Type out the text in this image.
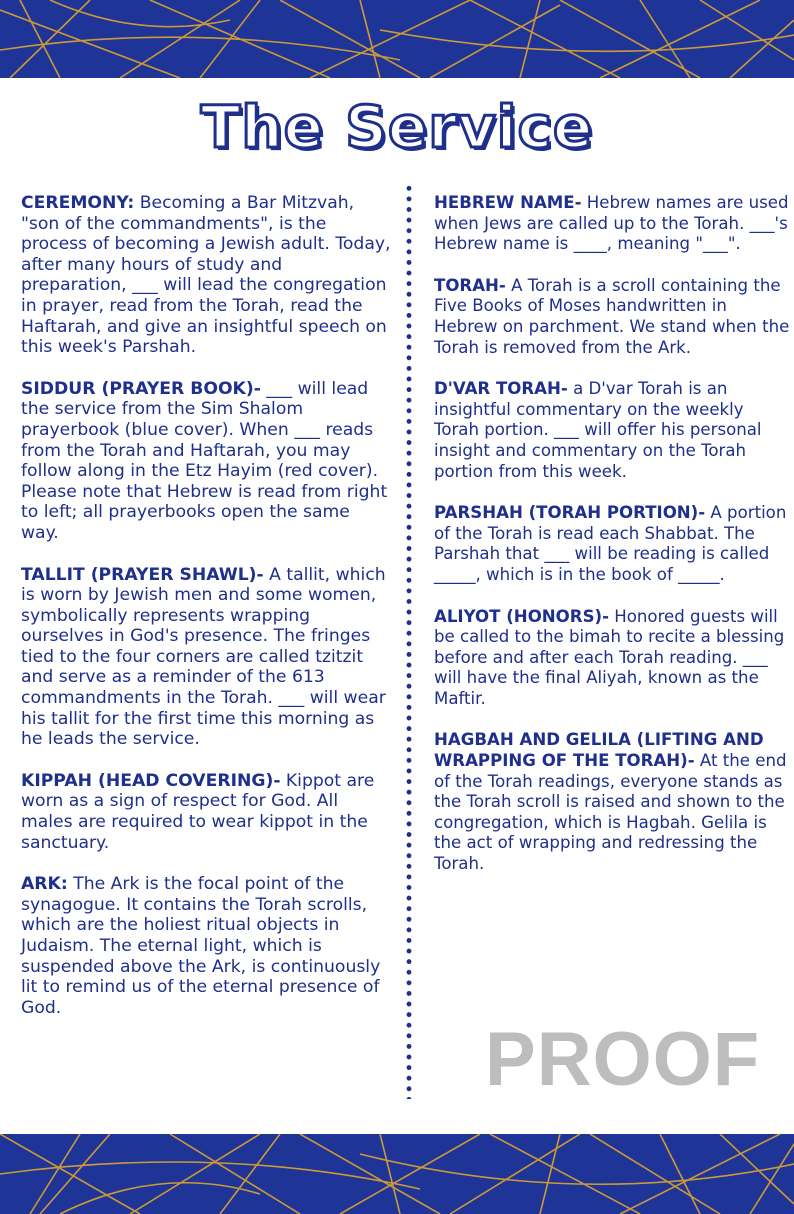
The Service
CEREMONY: Becoming a Bar Mitzvah, "son of the commandments", is the process of becoming a Jewish adult. Today, after many hours of study and preparation, ___ will lead the congregation in prayer, read from the Torah, read the Haftarah, and give an insightful speech on this week's Parshah.
SIDDUR (PRAYER BOOK)- ___ will lead the service from the Sim Shalom prayerbook (blue cover). When ___ reads from the Torah and Haftarah, you may follow along in the Etz Hayim (red cover). Please note that Hebrew is read from right to left; all prayerbooks open the same way.
TALLIT (PRAYER SHAWL)- A tallit, which is worn by Jewish men and some women, symbolically represents wrapping ourselves in God's presence. The fringes tied to the four corners are called tzitzit and serve as a reminder of the 613 commandments in the Torah. ___ will wear his tallit for the first time this morning as he leads the service.
KIPPAH (HEAD COVERING)- Kippot are worn as a sign of respect for God. All males are required to wear kippot in the sanctuary.
ARK: The Ark is the focal point of the synagogue. It contains the Torah scrolls, which are the holiest ritual objects in Judaism. The eternal light, which is suspended above the Ark, is continuously lit to remind us of the eternal presence of God.
HEBREW NAME- Hebrew names are used when Jews are called up to the Torah. ___'s Hebrew name is ____, meaning "___".
TORAH- A Torah is a scroll containing the Five Books of Moses handwritten in Hebrew on parchment. We stand when the Torah is removed from the Ark.
D'VAR TORAH- a D'var Torah is an insightful commentary on the weekly Torah portion. ___ will offer his personal insight and commentary on the Torah portion from this week.
PARSHAH (TORAH PORTION)- A portion of the Torah is read each Shabbat. The Parshah that ___ will be reading is called _____, which is in the book of _____.
ALIYOT (HONORS)- Honored guests will be called to the bimah to recite a blessing before and after each Torah reading. ___ will have the final Aliyah, known as the Maftir.
HAGBAH AND GELILA (LIFTING AND WRAPPING OF THE TORAH)- At the end of the Torah readings, everyone stands as the Torah scroll is raised and shown to the congregation, which is Hagbah. Gelila is the act of wrapping and redressing the Torah.
PROOF
